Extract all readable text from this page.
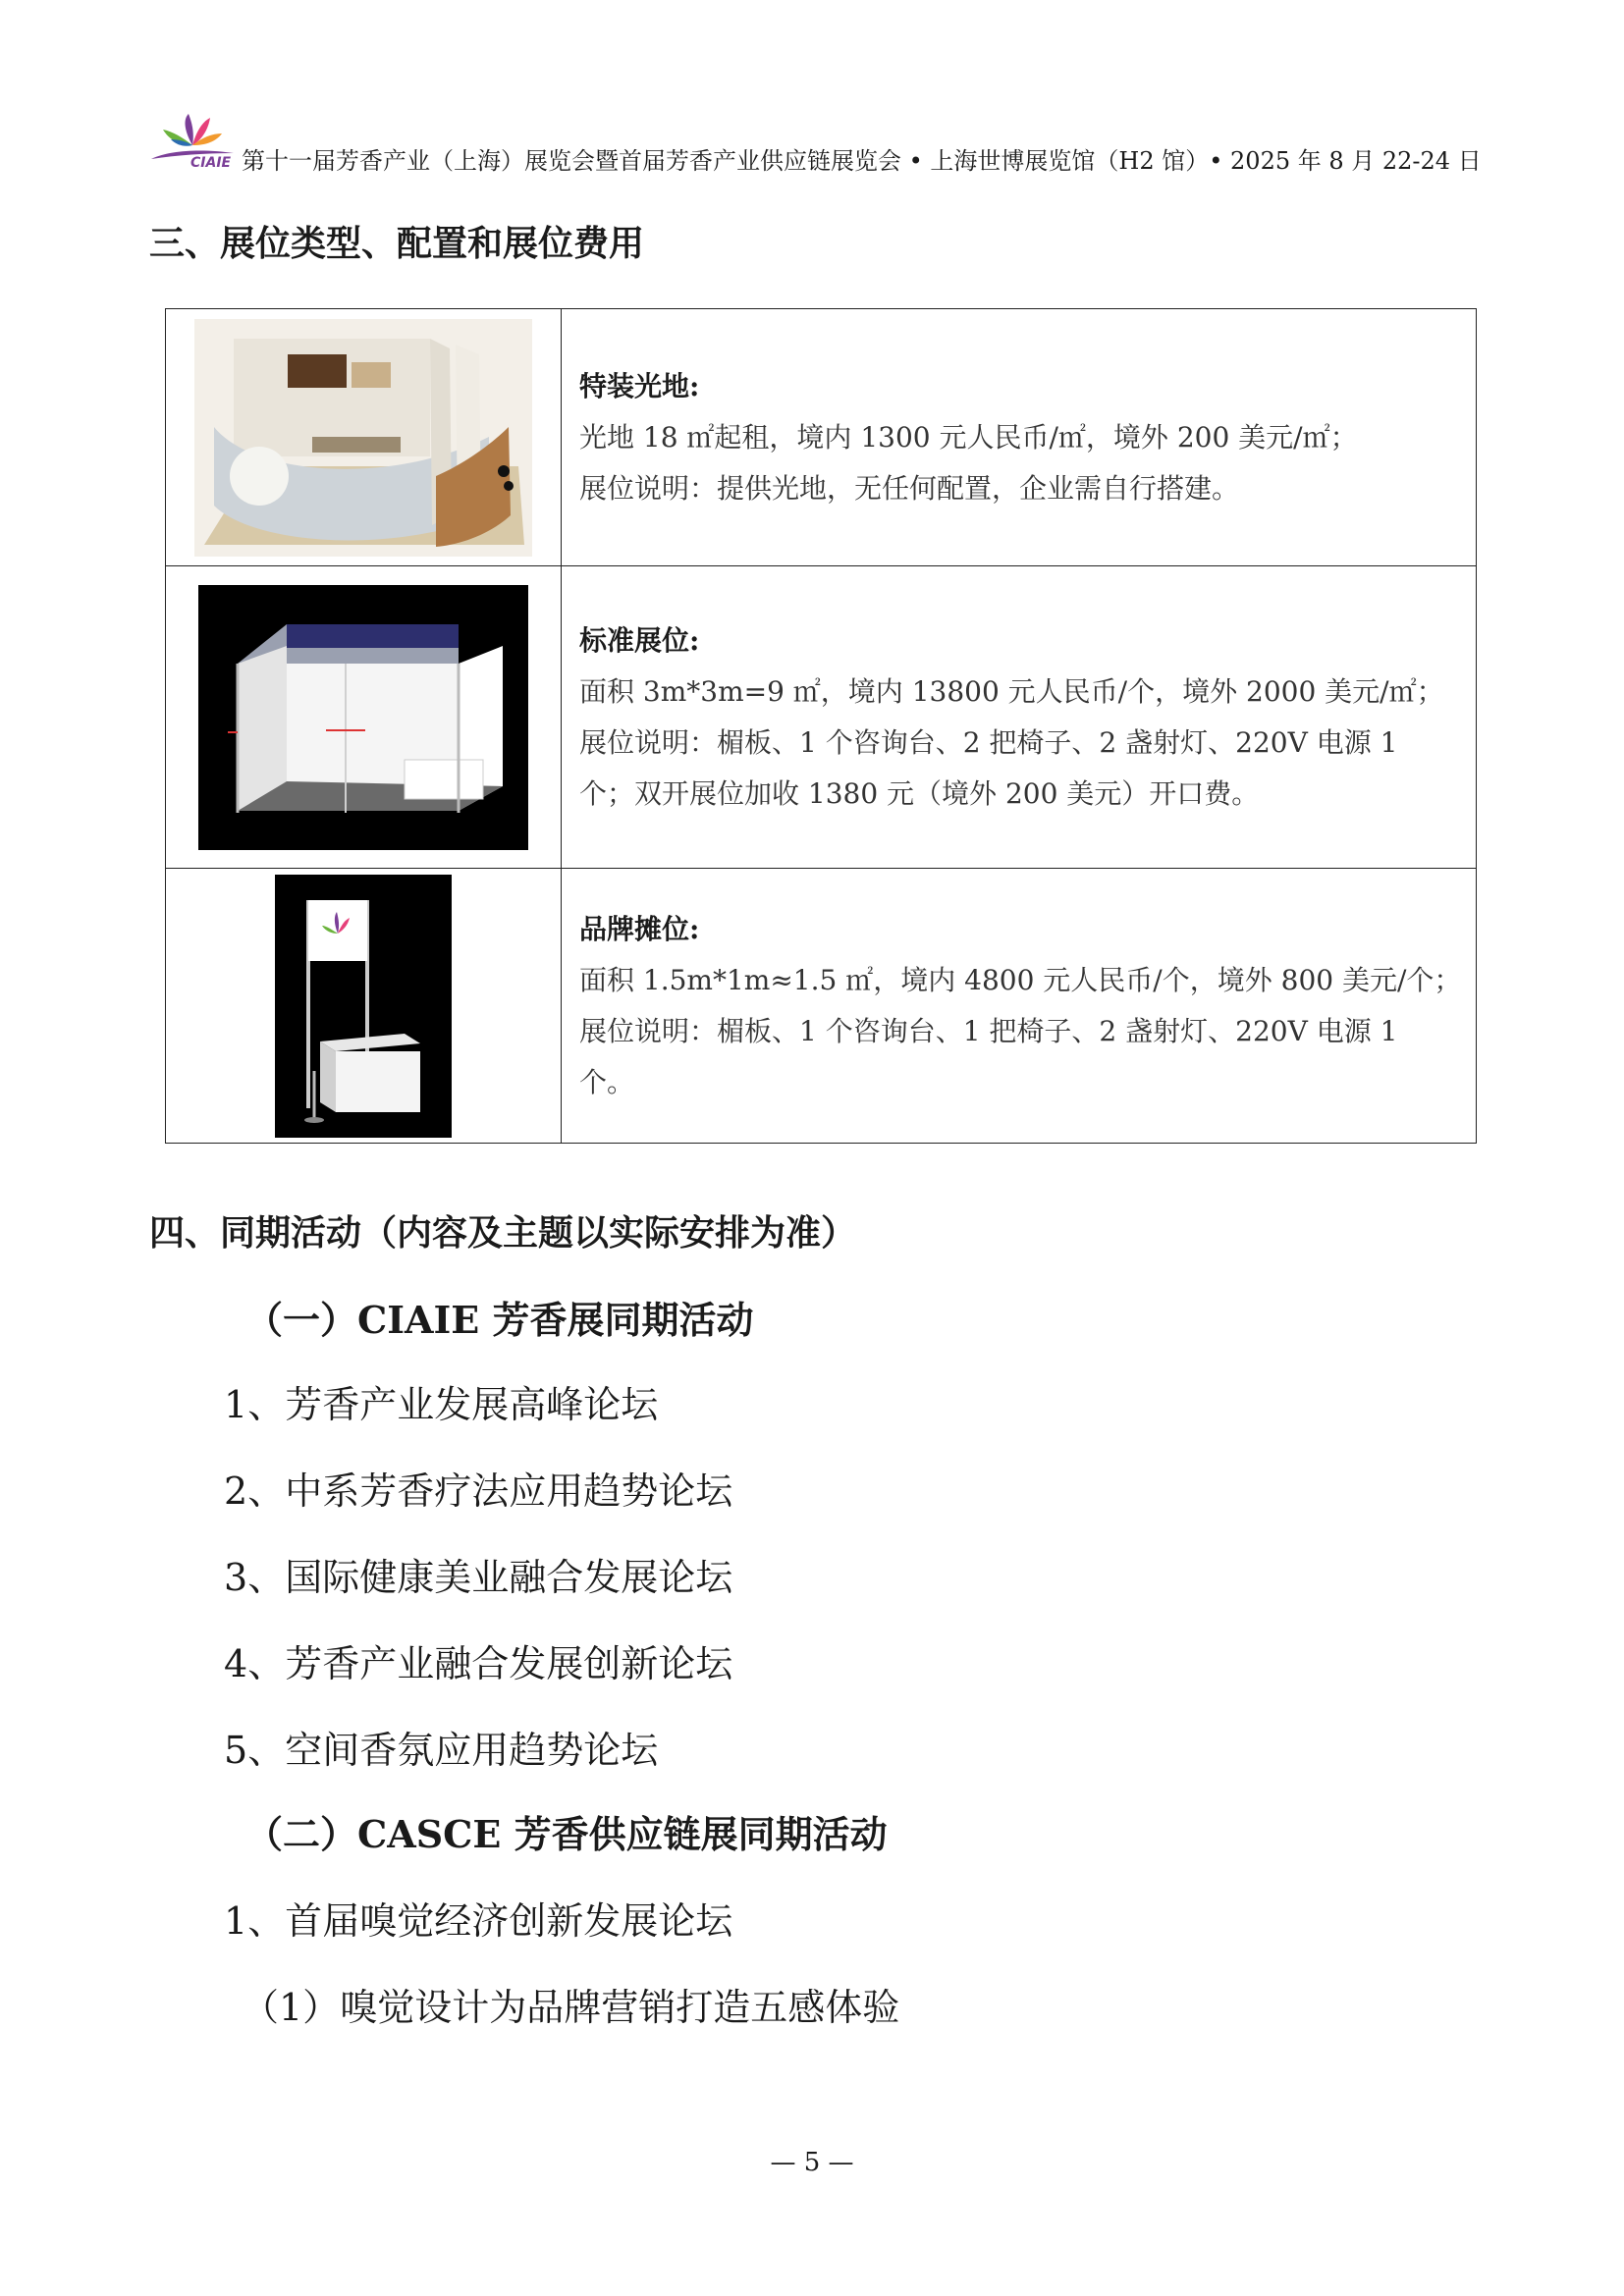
CIAIE 第十一届芳香产业（上海）展览会暨首届芳香产业供应链展览会 • 上海世博展览馆（H2 馆）• 2025 年 8 月 22-24 日
三、展位类型、配置和展位费用

特装光地:
光地 18 ㎡起租，境内 1300 元人民币/㎡，境外 200 美元/㎡；
展位说明：提供光地，无任何配置，企业需自行搭建。

标准展位:
面积 3m*3m=9 ㎡，境内 13800 元人民币/个，境外 2000 美元/㎡；
展位说明：楣板、1 个咨询台、2 把椅子、2 盏射灯、220V 电源 1
个；双开展位加收 1380 元（境外 200 美元）开口费。

品牌摊位:
面积 1.5m*1m≈1.5 ㎡，境内 4800 元人民币/个，境外 800 美元/个；
展位说明：楣板、1 个咨询台、1 把椅子、2 盏射灯、220V 电源 1
个。
四、同期活动（内容及主题以实际安排为准）
（一）CIAIE 芳香展同期活动
1、芳香产业发展高峰论坛
2、中系芳香疗法应用趋势论坛
3、国际健康美业融合发展论坛
4、芳香产业融合发展创新论坛
5、空间香氛应用趋势论坛
（二）CASCE 芳香供应链展同期活动
1、首届嗅觉经济创新发展论坛
（1）嗅觉设计为品牌营销打造五感体验
— 5 —
